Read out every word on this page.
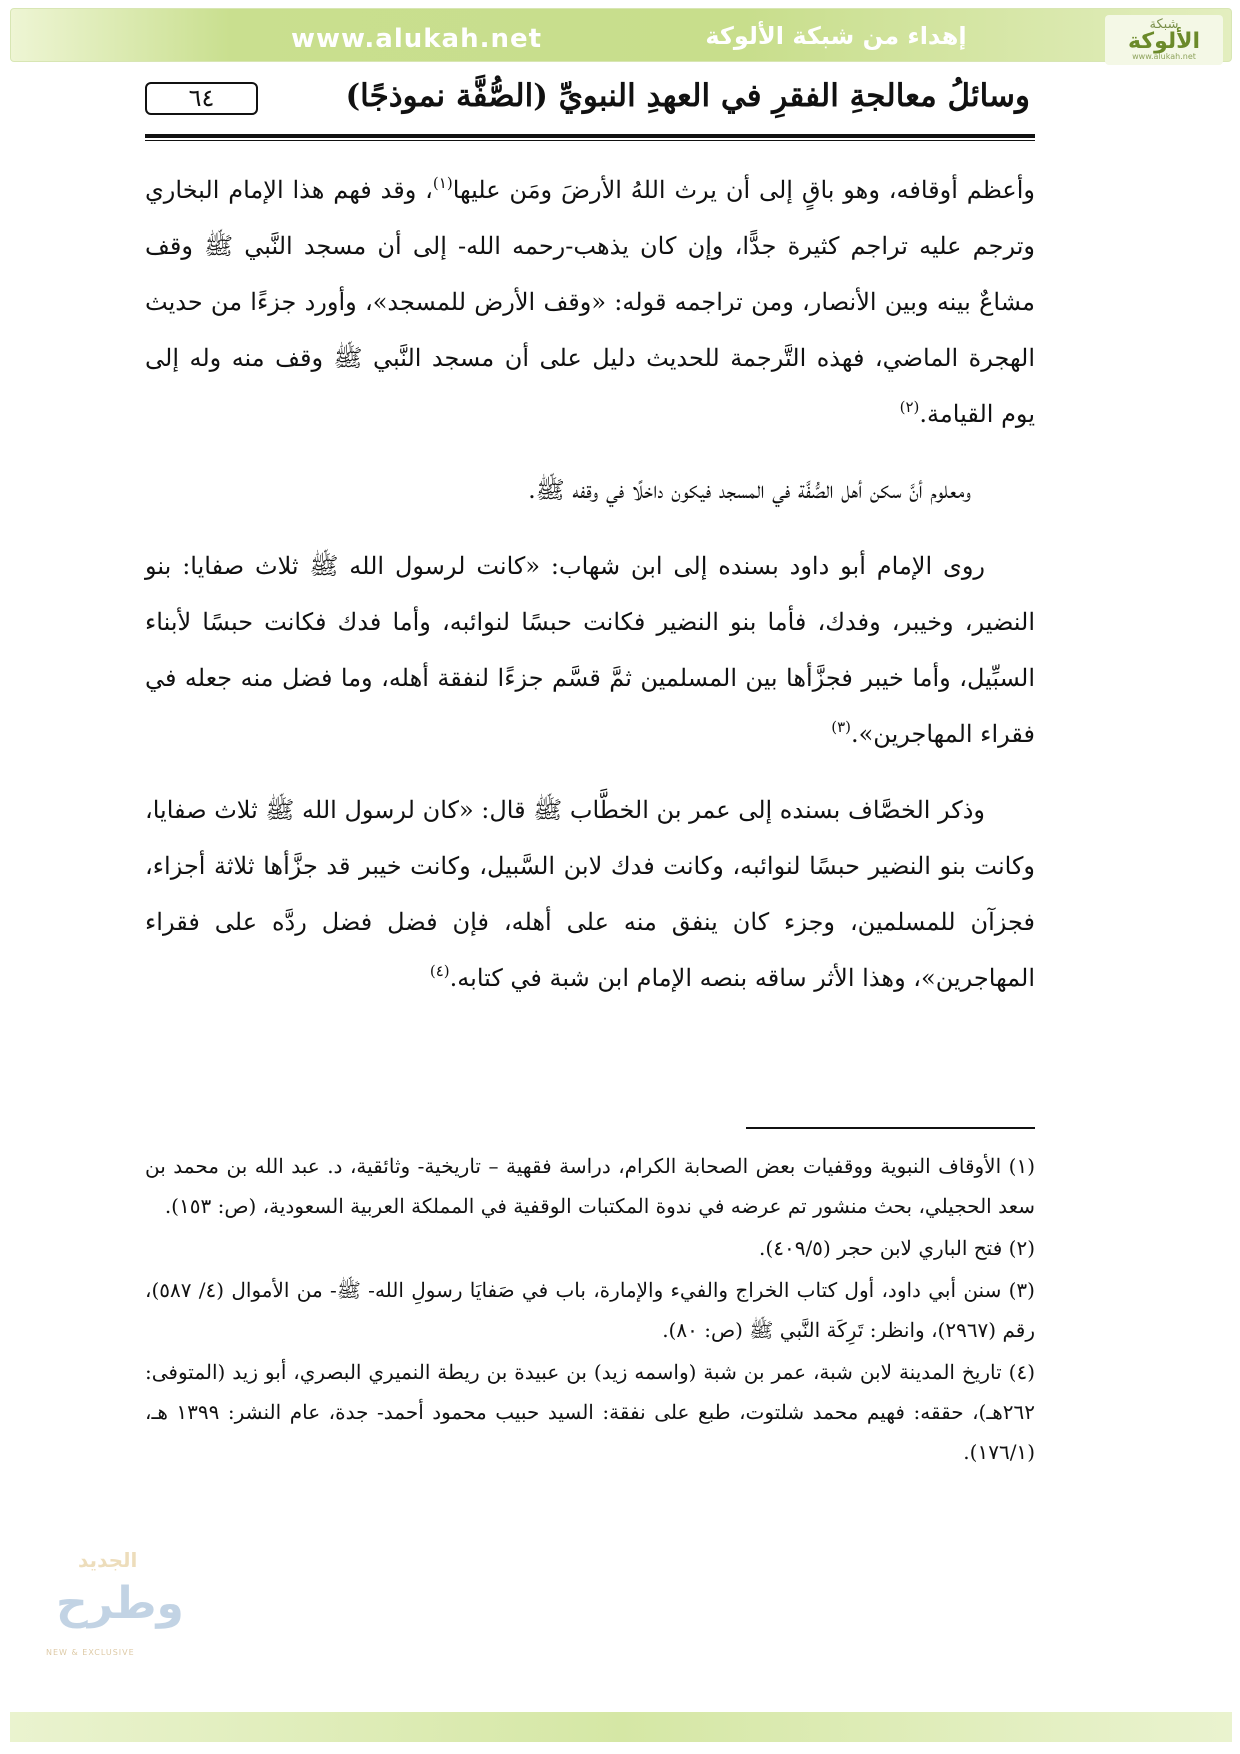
www.alukah.net	إهداء من شبكة الألوكة	شبكة
الألوكة
www.alukah.net
٦٤	وسائلُ معالجةِ الفقرِ في العهدِ النبويِّ (الصُّفَّة نموذجًا)

وأعظم أوقافه، وهو باقٍ إلى أن يرث اللهُ الأرضَ ومَن عليها$^{(١)}$، وقد فهم هذا الإمام البخاري وترجم عليه تراجم كثيرة جدًّا، وإن كان يذهب-رحمه الله- إلى أن مسجد النَّبي ﷺ وقف مشاعٌ بينه وبين الأنصار، ومن تراجمه قوله: «وقف الأرض للمسجد»، وأورد جزءًا من حديث الهجرة الماضي، فهذه التَّرجمة للحديث دليل على أن مسجد النَّبي ﷺ وقف منه وله إلى يوم القيامة.$^{(٢)}$

ومعلوم أنَّ سكن أهل الصُّفَّة في المسجد فيكون داخلًا في وقفه ﷺ.

روى الإمام أبو داود بسنده إلى ابن شهاب: «كانت لرسول الله ﷺ ثلاث صفايا: بنو النضير، وخيبر، وفدك، فأما بنو النضير فكانت حبسًا لنوائبه، وأما فدك فكانت حبسًا لأبناء السبِّيل، وأما خيبر فجزَّأها بين المسلمين ثمَّ قسَّم جزءًا لنفقة أهله، وما فضل منه جعله في فقراء المهاجرين».$^{(٣)}$

وذكر الخصَّاف بسنده إلى عمر بن الخطَّاب ﷺ قال: «كان لرسول الله ﷺ ثلاث صفايا، وكانت بنو النضير حبسًا لنوائبه، وكانت فدك لابن السَّبيل، وكانت خيبر قد جزَّأها ثلاثة أجزاء، فجزآن للمسلمين، وجزء كان ينفق منه على أهله، فإن فضل فضل ردَّه على فقراء المهاجرين»، وهذا الأثر ساقه بنصه الإمام ابن شبة في كتابه.$^{(٤)}$

(١) الأوقاف النبوية ووقفيات بعض الصحابة الكرام، دراسة فقهية – تاريخية- وثائقية، د. عبد الله بن محمد بن سعد الحجيلي، بحث منشور تم عرضه في ندوة المكتبات الوقفية في المملكة العربية السعودية، (ص: ١٥٣).

(٢) فتح الباري لابن حجر (٤٠٩/٥).

(٣) سنن أبي داود، أول كتاب الخراج والفيء والإمارة، باب في صَفايَا رسولِ الله- ﷺ- من الأموال (٤/ ٥٨٧)، رقم (٢٩٦٧)، وانظر: تَرِكَة النَّبي ﷺ (ص: ٨٠).

(٤) تاريخ المدينة لابن شبة، عمر بن شبة (واسمه زيد) بن عبيدة بن ريطة النميري البصري، أبو زيد (المتوفى: ٢٦٢هـ)، حققه: فهيم محمد شلتوت، طبع على نفقة: السيد حبيب محمود أحمد- جدة، عام النشر: ١٣٩٩ هـ، (١٧٦/١).

الجديد
وطرح
NEW & EXCLUSIVE
